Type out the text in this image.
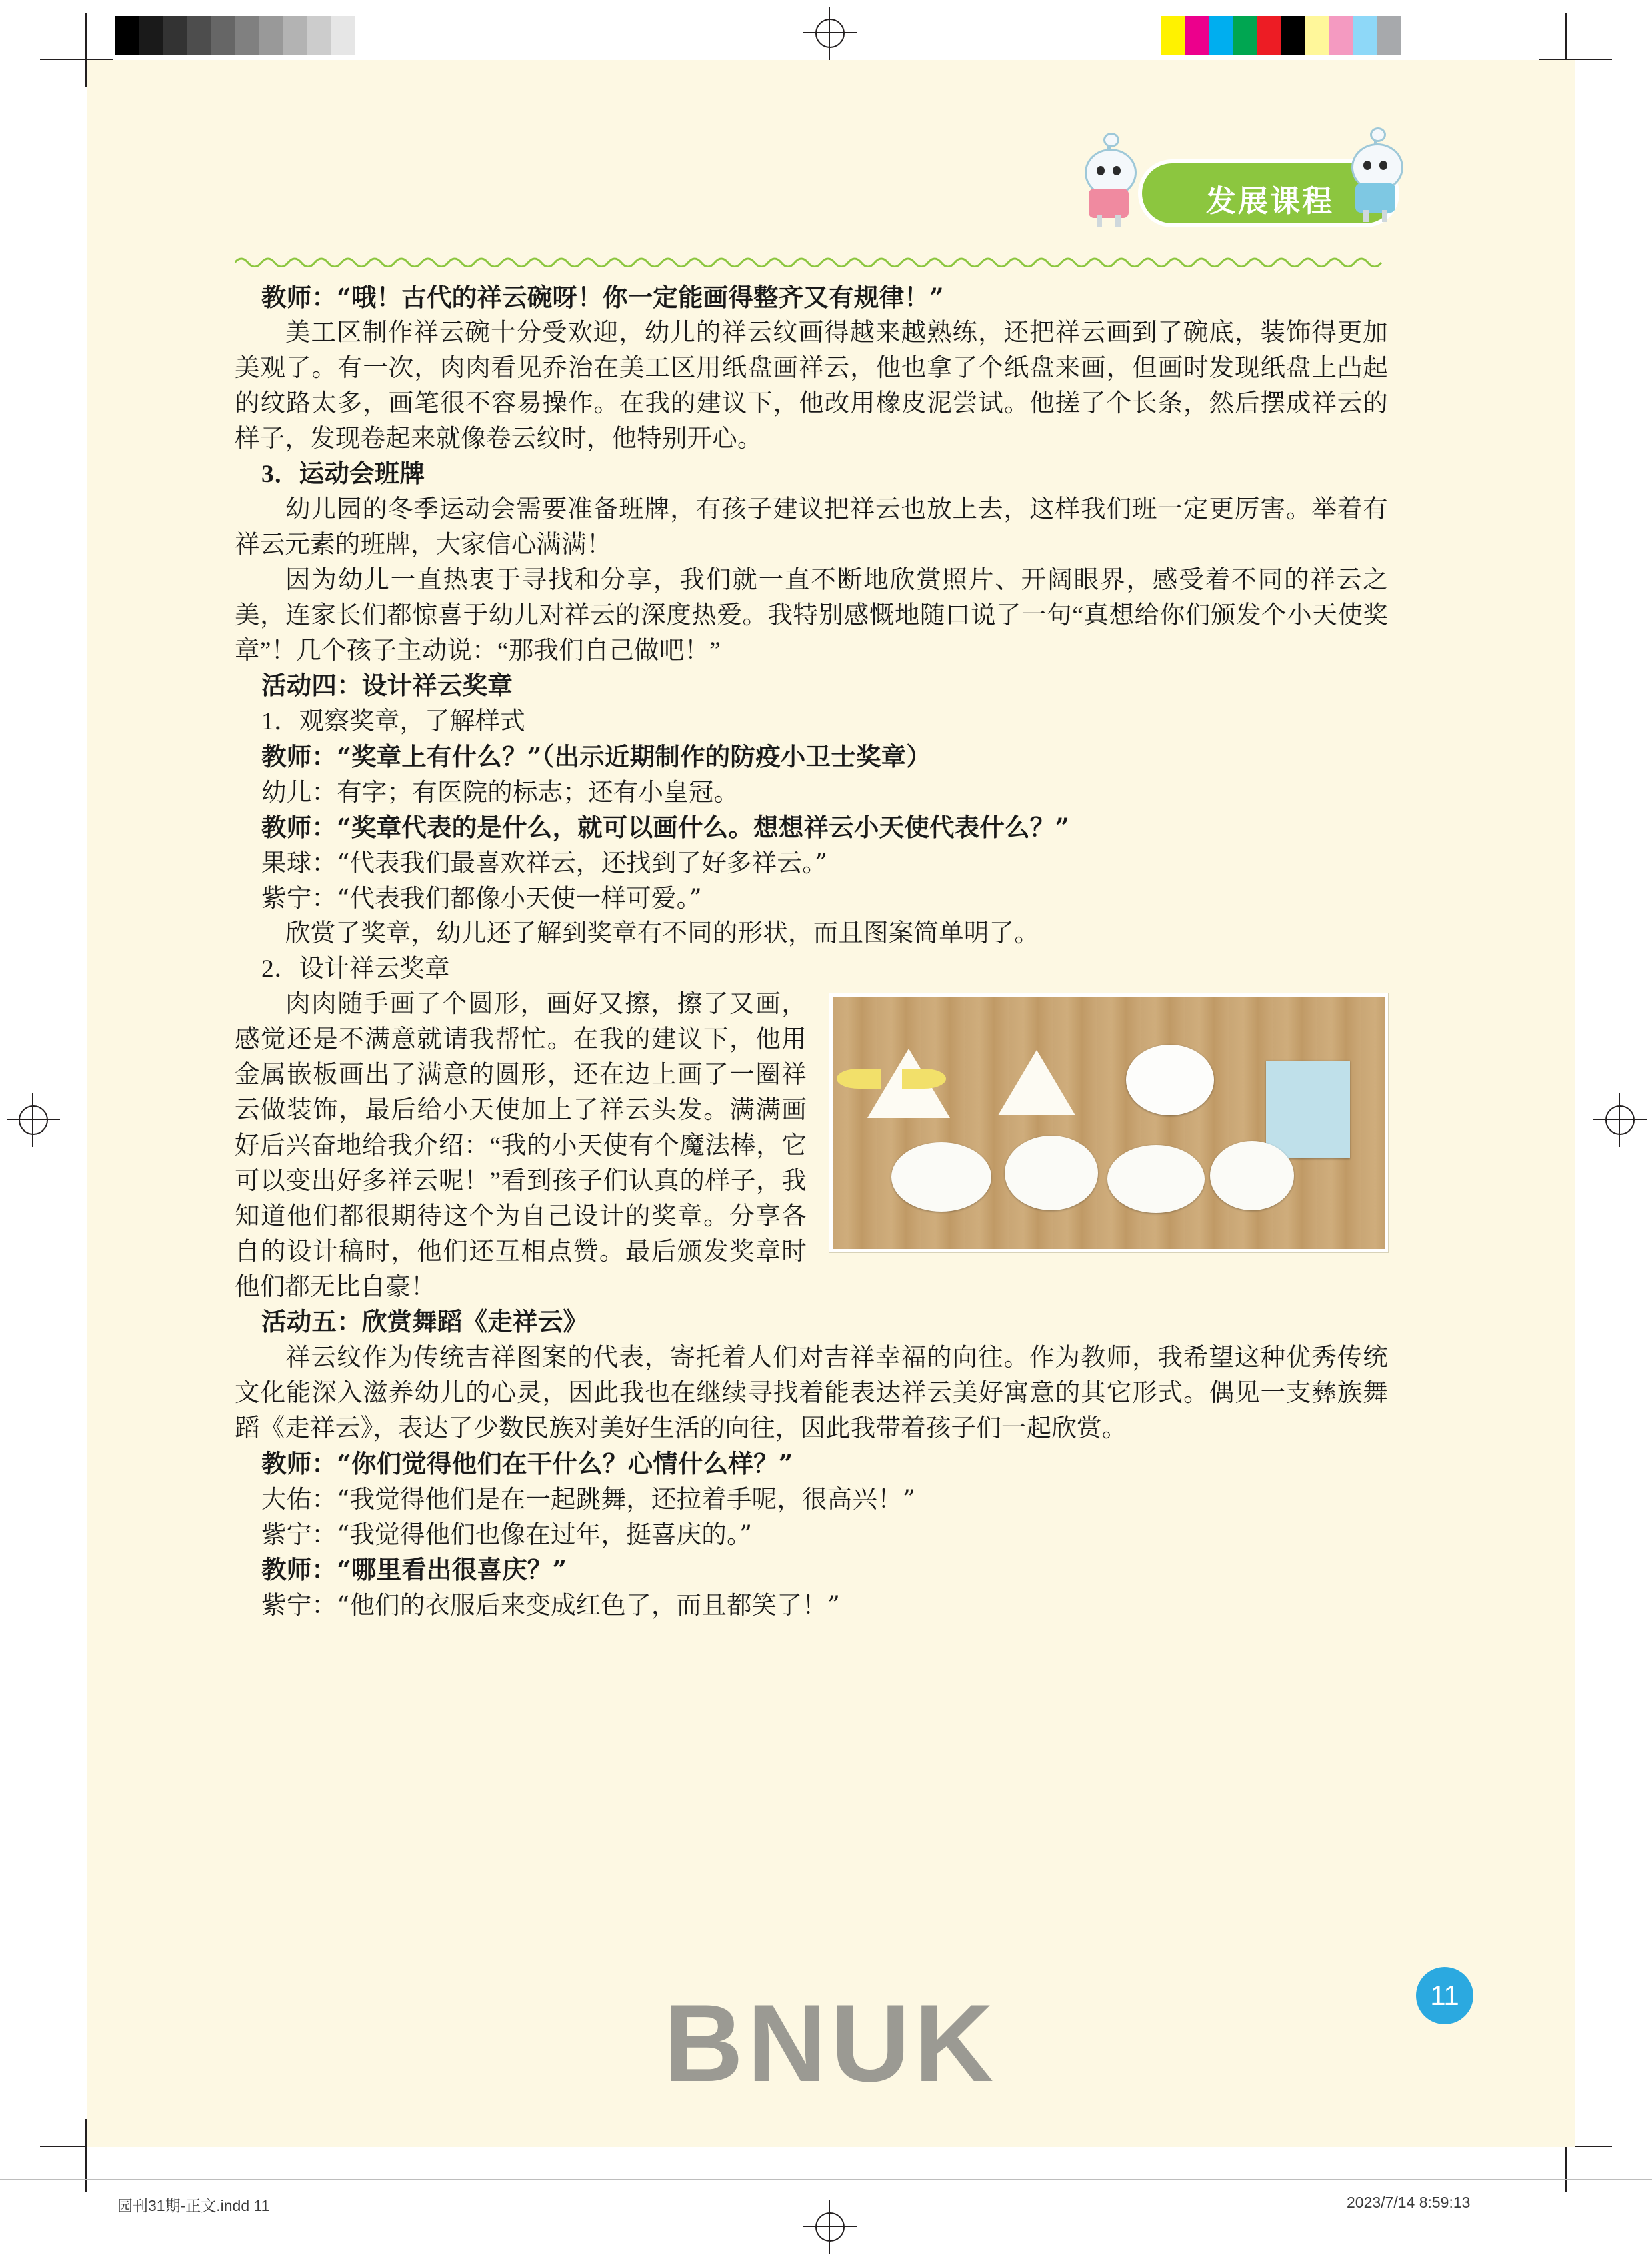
发展课程

教师：“哦！古代的祥云碗呀！你一定能画得整齐又有规律！”

美工区制作祥云碗十分受欢迎，幼儿的祥云纹画得越来越熟练，还把祥云画到了碗底，装饰得更加美观了。有一次，肉肉看见乔治在美工区用纸盘画祥云，他也拿了个纸盘来画，但画时发现纸盘上凸起的纹路太多，画笔很不容易操作。在我的建议下，他改用橡皮泥尝试。他搓了个长条，然后摆成祥云的样子，发现卷起来就像卷云纹时，他特别开心。

3．运动会班牌

幼儿园的冬季运动会需要准备班牌，有孩子建议把祥云也放上去，这样我们班一定更厉害。举着有祥云元素的班牌，大家信心满满！

因为幼儿一直热衷于寻找和分享，我们就一直不断地欣赏照片、开阔眼界，感受着不同的祥云之美，连家长们都惊喜于幼儿对祥云的深度热爱。我特别感慨地随口说了一句“真想给你们颁发个小天使奖章”！几个孩子主动说：“那我们自己做吧！”

活动四：设计祥云奖章

1．观察奖章，了解样式

教师：“奖章上有什么？”（出示近期制作的防疫小卫士奖章）

幼儿：有字；有医院的标志；还有小皇冠。

教师：“奖章代表的是什么，就可以画什么。想想祥云小天使代表什么？”

果球：“代表我们最喜欢祥云，还找到了好多祥云。”

紫宁：“代表我们都像小天使一样可爱。”

欣赏了奖章，幼儿还了解到奖章有不同的形状，而且图案简单明了。

2．设计祥云奖章

肉肉随手画了个圆形，画好又擦，擦了又画，感觉还是不满意就请我帮忙。在我的建议下，他用金属嵌板画出了满意的圆形，还在边上画了一圈祥云做装饰，最后给小天使加上了祥云头发。满满画好后兴奋地给我介绍：“我的小天使有个魔法棒，它可以变出好多祥云呢！”看到孩子们认真的样子，我知道他们都很期待这个为自己设计的奖章。分享各自的设计稿时，他们还互相点赞。最后颁发奖章时他们都无比自豪！

活动五：欣赏舞蹈《走祥云》

祥云纹作为传统吉祥图案的代表，寄托着人们对吉祥幸福的向往。作为教师，我希望这种优秀传统文化能深入滋养幼儿的心灵，因此我也在继续寻找着能表达祥云美好寓意的其它形式。偶见一支彝族舞蹈《走祥云》，表达了少数民族对美好生活的向往，因此我带着孩子们一起欣赏。

教师：“你们觉得他们在干什么？心情什么样？”

大佑：“我觉得他们是在一起跳舞，还拉着手呢，很高兴！”

紫宁：“我觉得他们也像在过年，挺喜庆的。”

教师：“哪里看出很喜庆？”

紫宁：“他们的衣服后来变成红色了，而且都笑了！”

BNUK	11
园刊31期-正文.indd 11	2023/7/14 8:59:13
